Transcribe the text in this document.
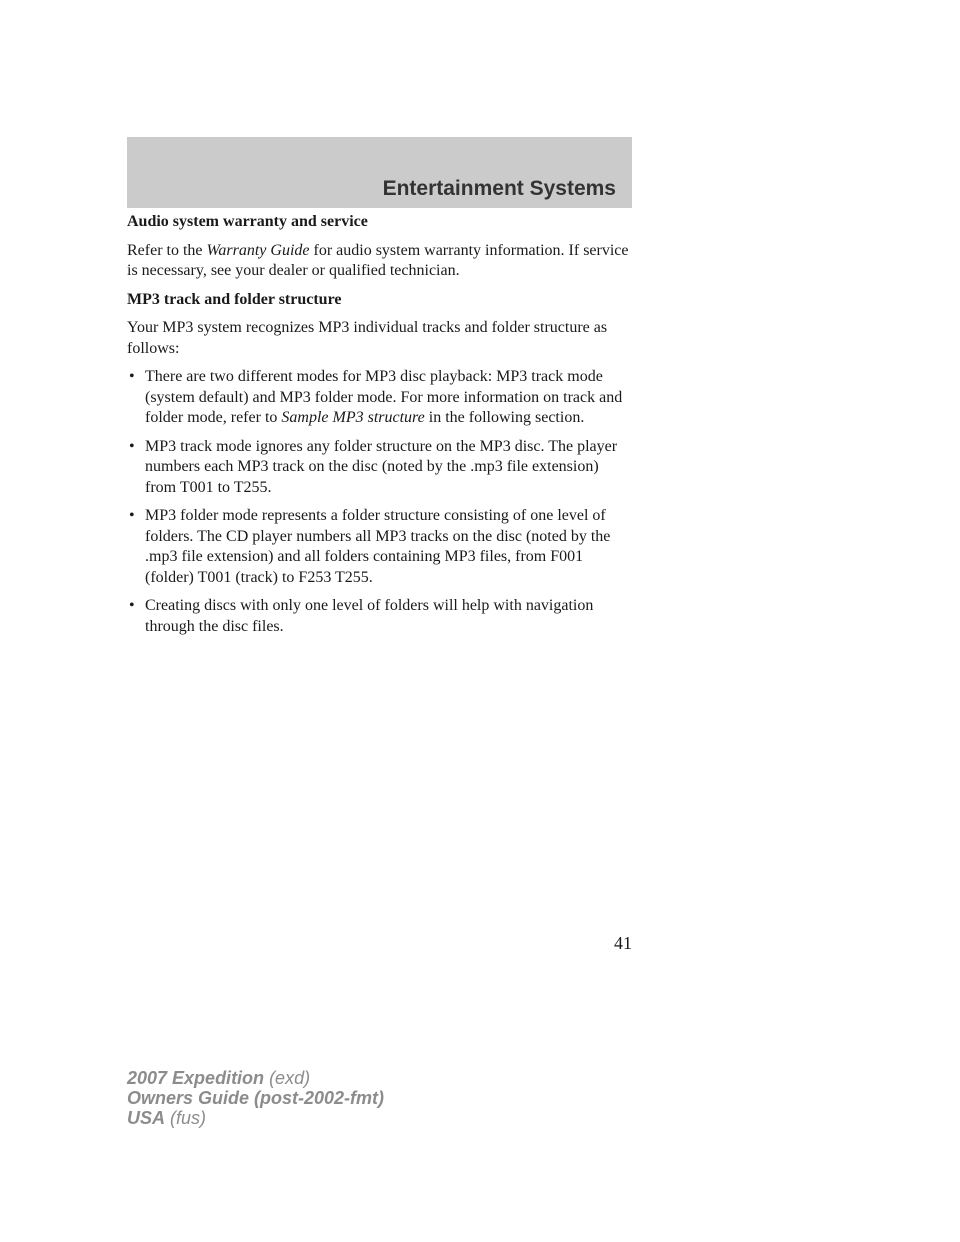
Entertainment Systems
Audio system warranty and service

Refer to the Warranty Guide for audio system warranty information. If service is necessary, see your dealer or qualified technician.

MP3 track and folder structure

Your MP3 system recognizes MP3 individual tracks and folder structure as follows:

• There are two different modes for MP3 disc playback: MP3 track mode (system default) and MP3 folder mode. For more information on track and folder mode, refer to Sample MP3 structure in the following section.
• MP3 track mode ignores any folder structure on the MP3 disc. The player numbers each MP3 track on the disc (noted by the .mp3 file extension) from T001 to T255.
• MP3 folder mode represents a folder structure consisting of one level of folders. The CD player numbers all MP3 tracks on the disc (noted by the .mp3 file extension) and all folders containing MP3 files, from F001 (folder) T001 (track) to F253 T255.
• Creating discs with only one level of folders will help with navigation through the disc files.
41
2007 Expedition (exd)
Owners Guide (post-2002-fmt)
USA (fus)
